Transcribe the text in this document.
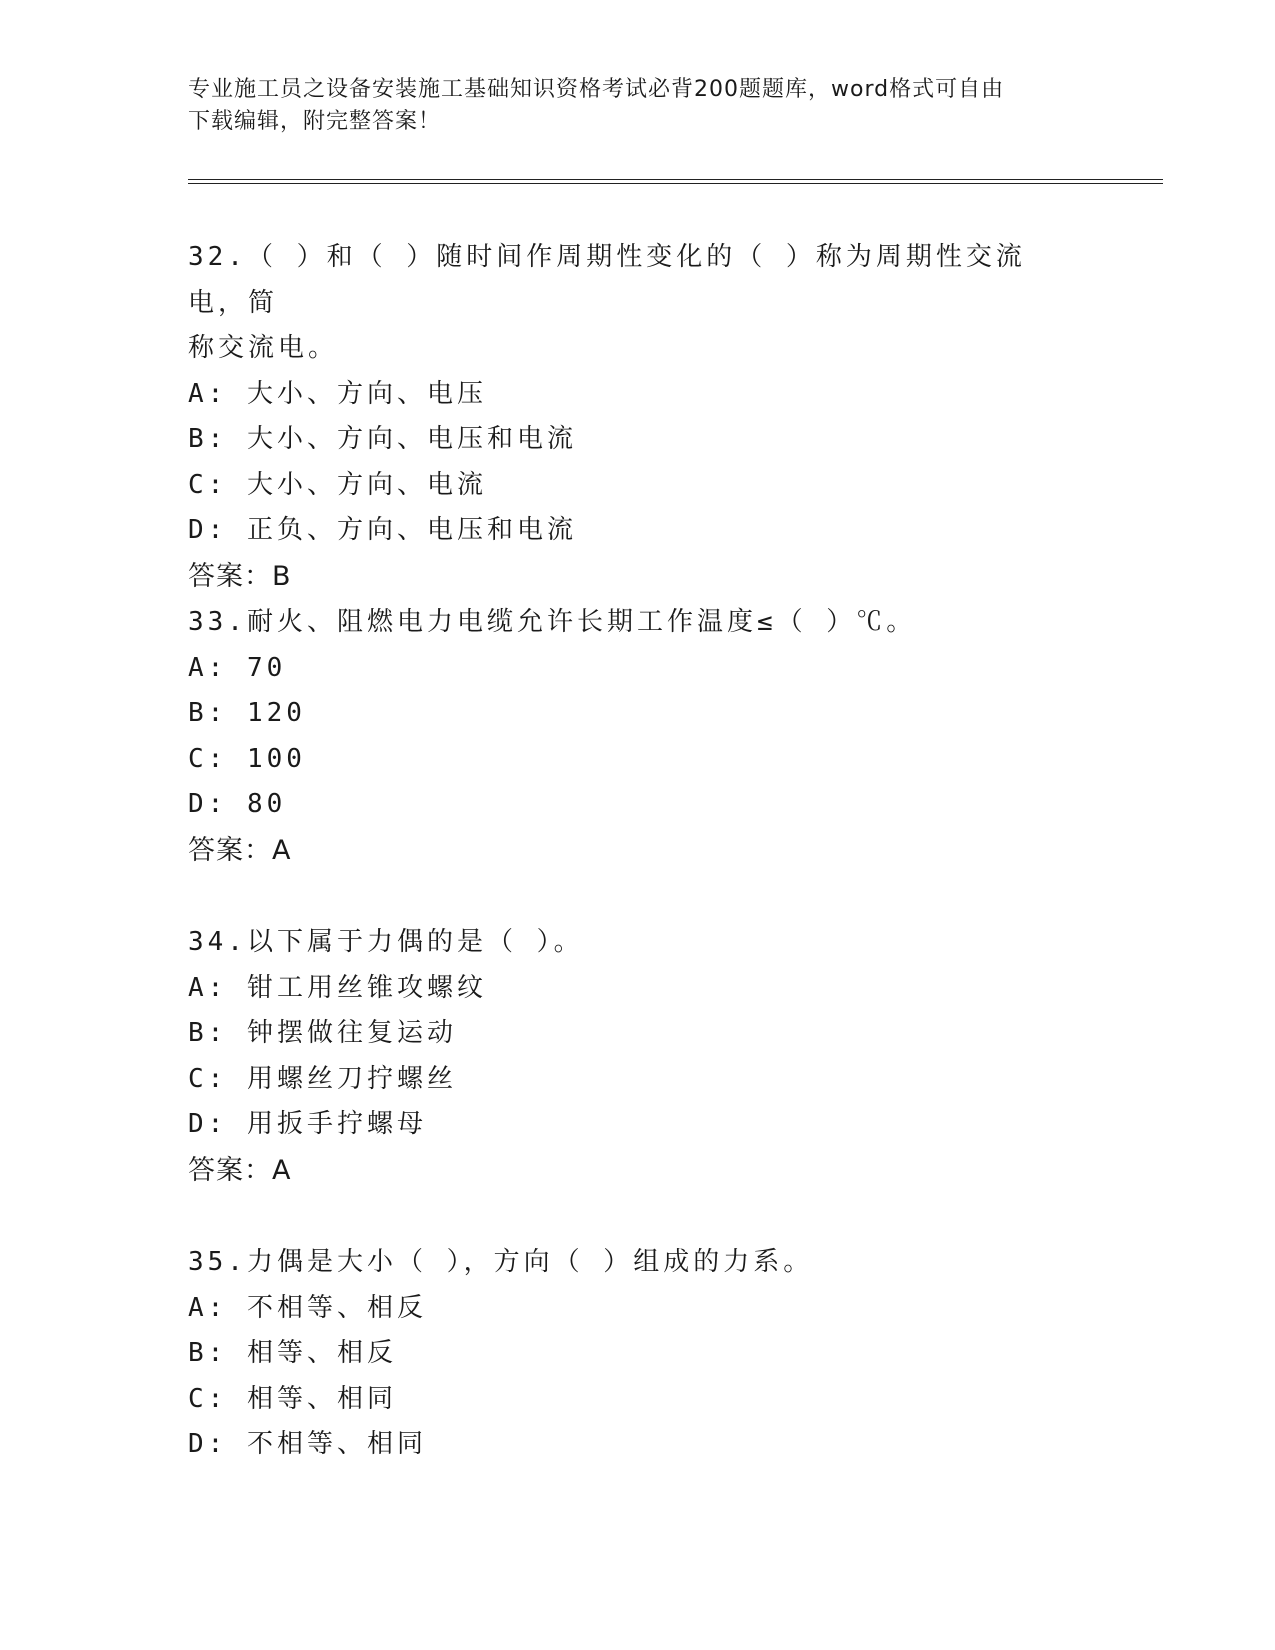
专业施工员之设备安装施工基础知识资格考试必背200题题库，word格式可自由
下载编辑，附完整答案！
32.（ ）和（ ）随时间作周期性变化的（ ）称为周期性交流电，简
称交流电。
A: 大小、方向、电压
B: 大小、方向、电压和电流
C: 大小、方向、电流
D: 正负、方向、电压和电流
答案：B
33.耐火、阻燃电力电缆允许长期工作温度≤（ ）℃。
A: 70
B: 120
C: 100
D: 80
答案：A
34.以下属于力偶的是（ ）。
A: 钳工用丝锥攻螺纹
B: 钟摆做往复运动
C: 用螺丝刀拧螺丝
D: 用扳手拧螺母
答案：A
35.力偶是大小（ ），方向（ ）组成的力系。
A: 不相等、相反
B: 相等、相反
C: 相等、相同
D: 不相等、相同
